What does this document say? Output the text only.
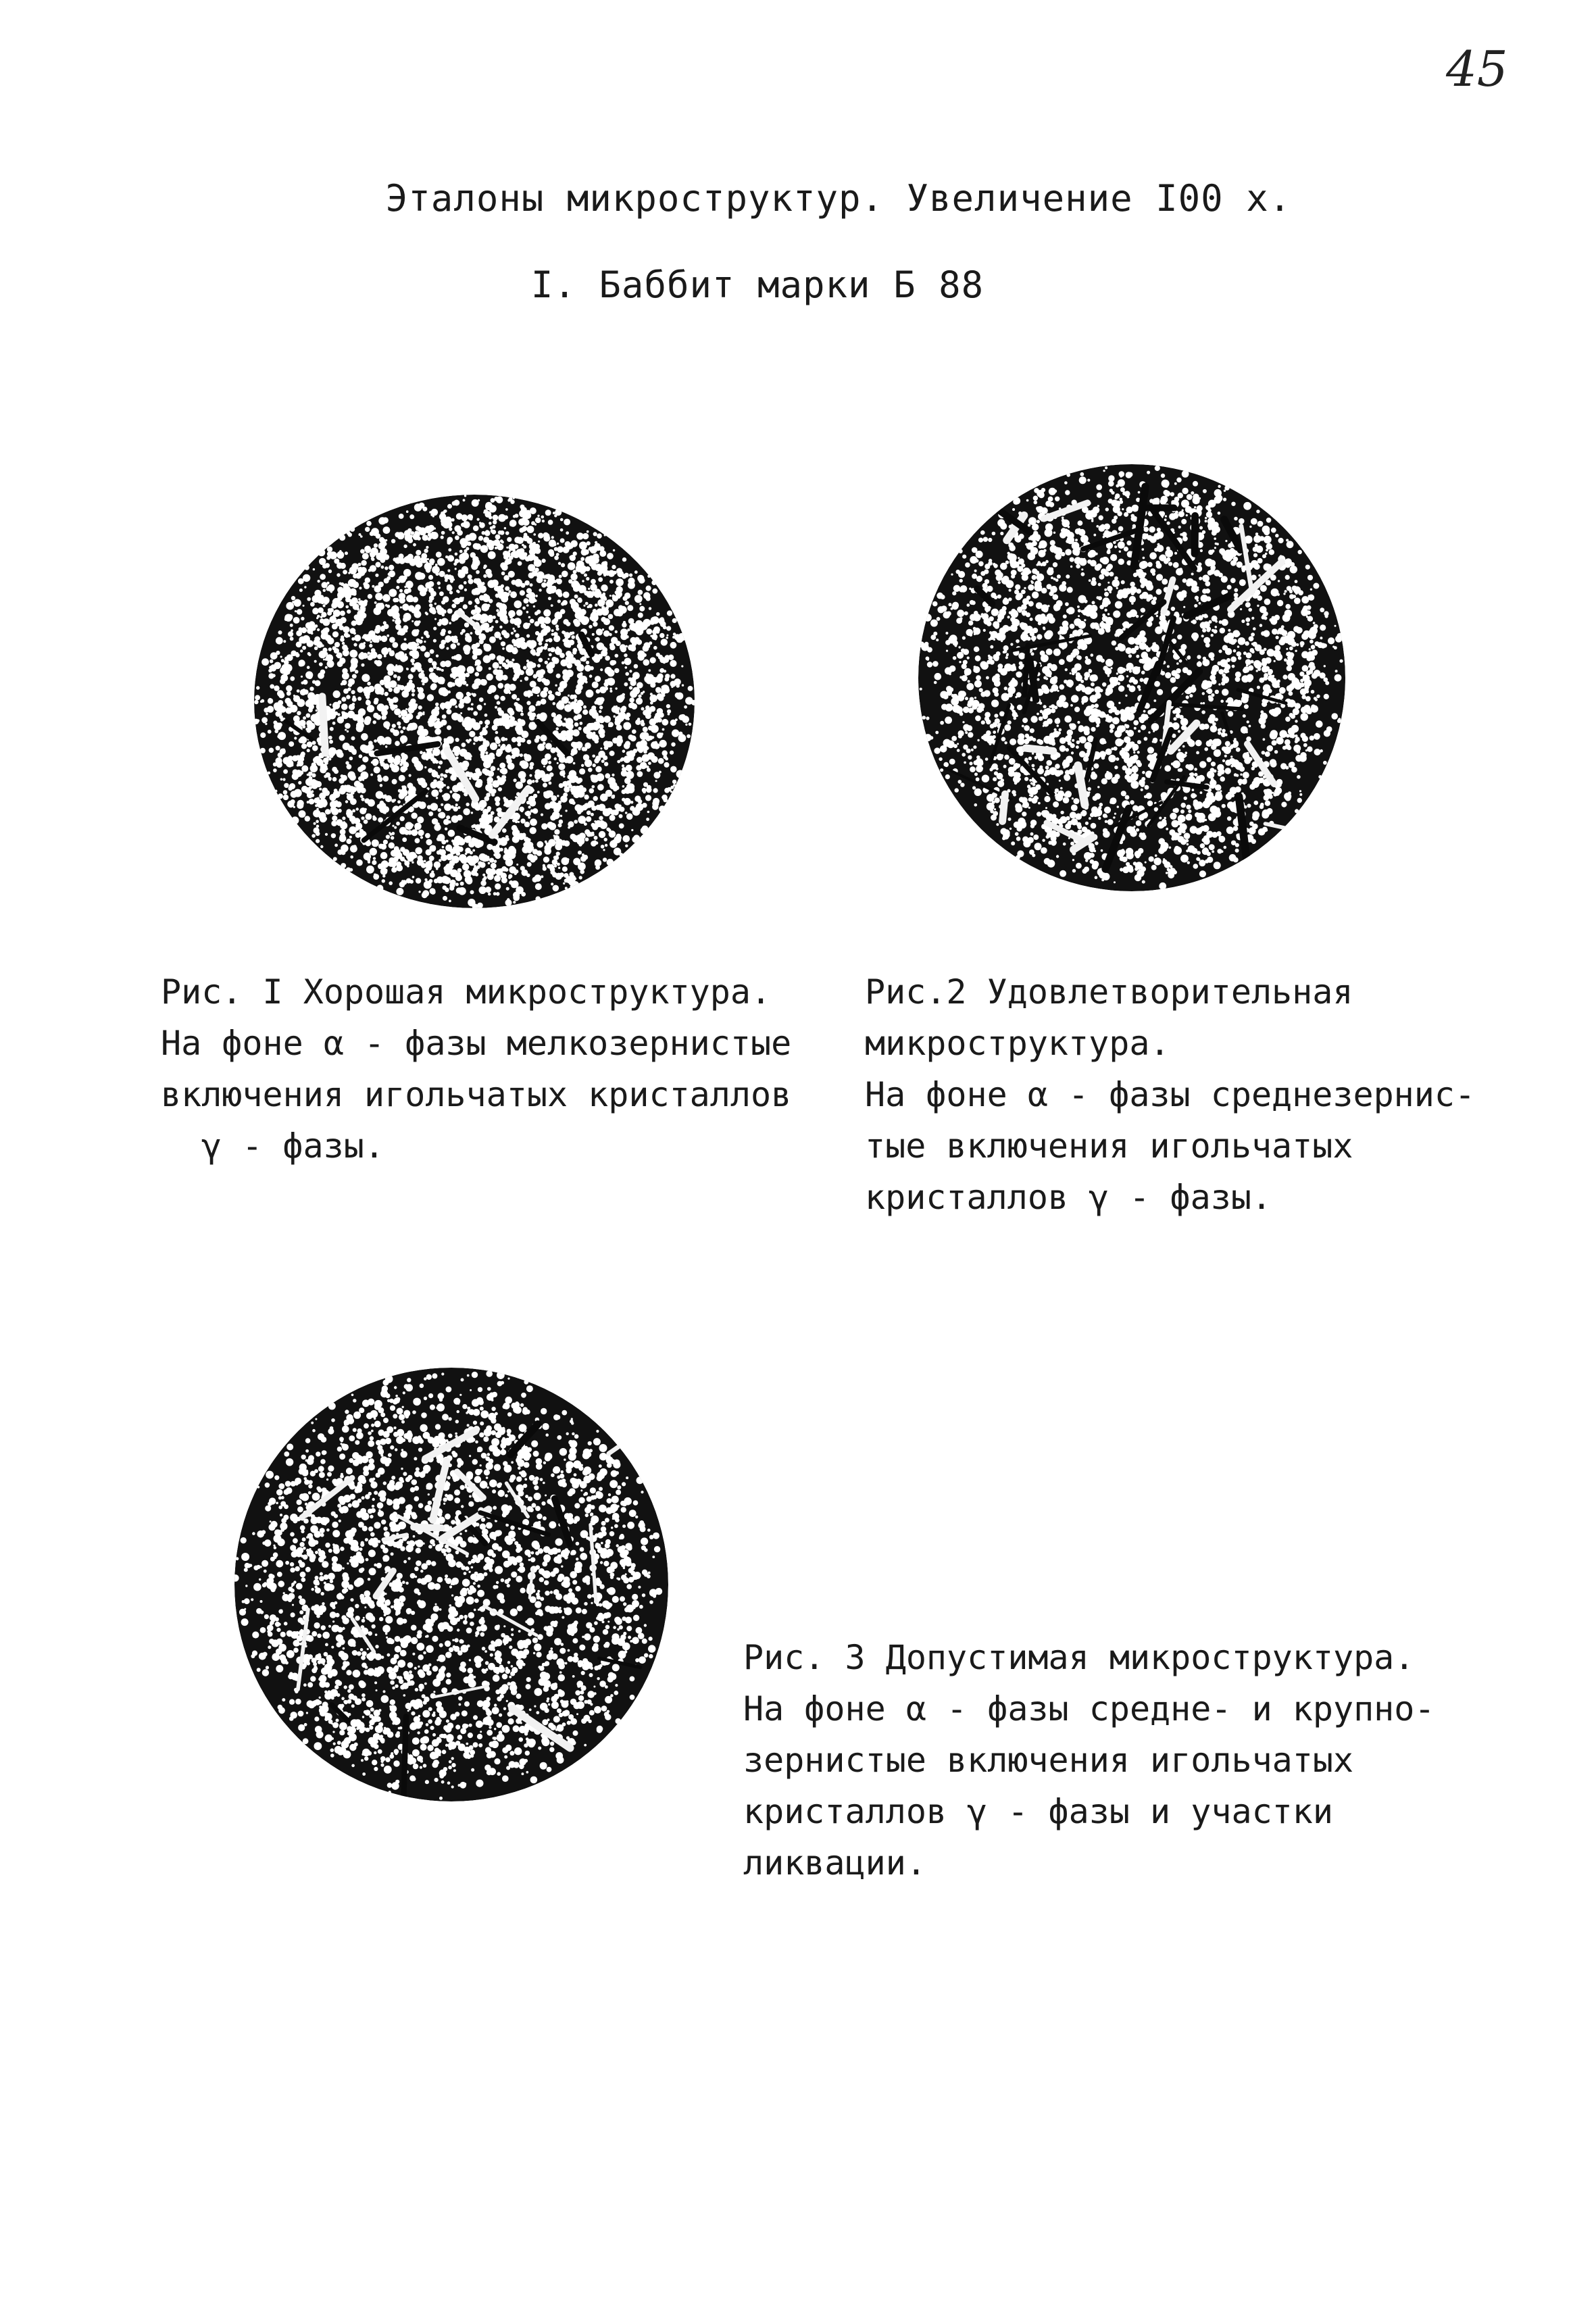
45
Эталоны микроструктур. Увеличение I00 х.
I. Баббит марки Б 88
Рис. I Хорошая микроструктура.
На фоне α - фазы мелкозернистые
включения игольчатых кристаллов
γ - фазы.
Рис.2 Удовлетворительная
микроструктура.
На фоне α - фазы среднезернис-
тые включения игольчатых
кристаллов γ - фазы.
Рис. 3 Допустимая микроструктура.
На фоне α - фазы средне- и крупно-
зернистые включения игольчатых
кристаллов γ - фазы и участки
ликвации.
